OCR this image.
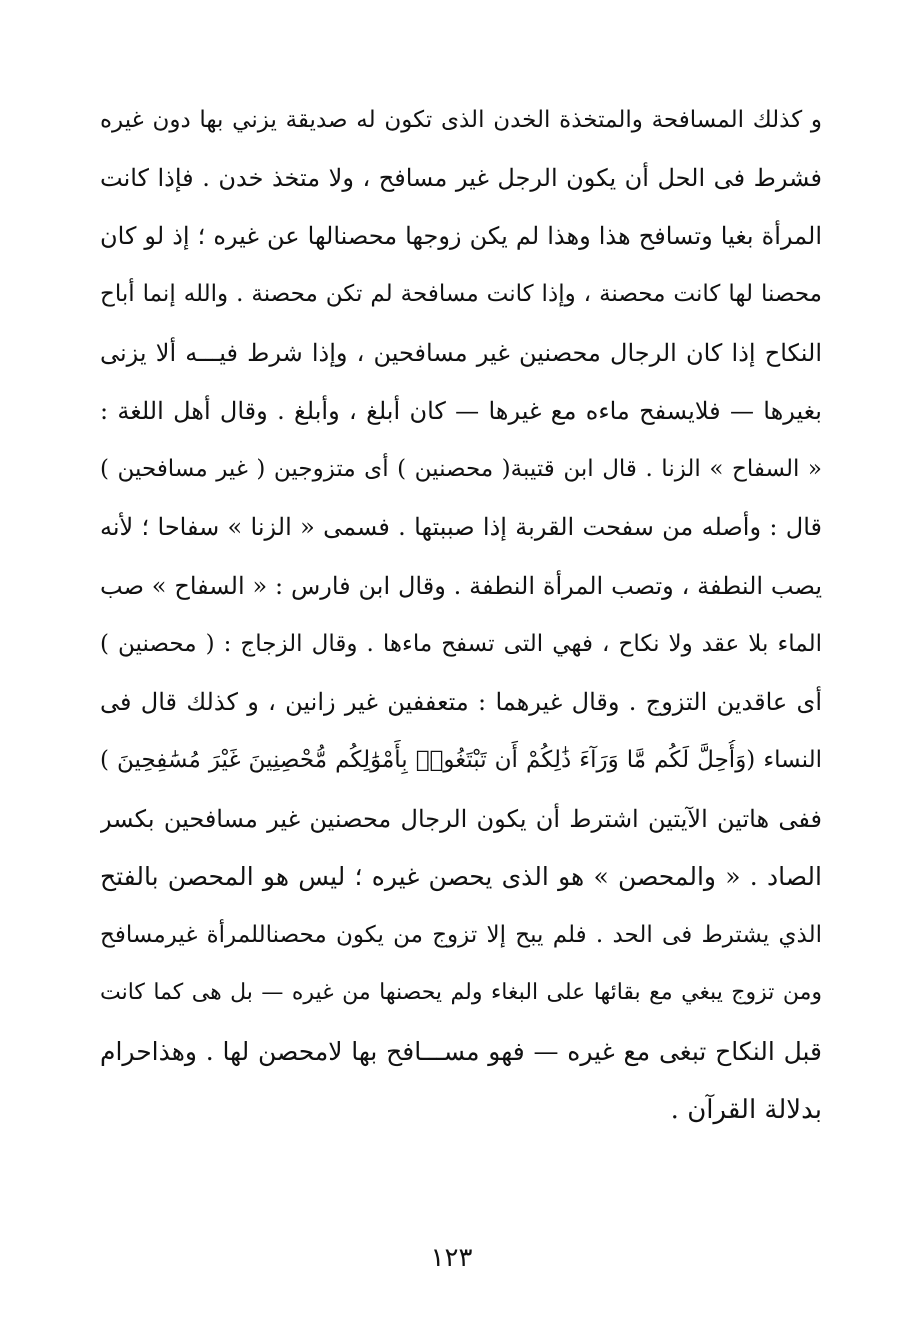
و كذلك المسافحة والمتخذة الخدن الذى تكون له صديقة يزني بها دون غيره
فشرط فى الحل أن يكون الرجل غير مسافح ، ولا متخذ خدن . فإذا كانت
المرأة بغيا وتسافح هذا وهذا لم يكن زوجها محصنالها عن غيره ؛ إذ لو كان
محصنا لها كانت محصنة ، وإذا كانت مسافحة لم تكن محصنة . والله إنما أباح
النكاح إذا كان الرجال محصنين غير مسافحين ، وإذا شرط فيـــه ألا يزنى
بغيرها — فلايسفح ماءه مع غيرها — كان أبلغ ، وأبلغ . وقال أهل اللغة :
« السفاح » الزنا . قال ابن قتيبة( محصنين ) أى متزوجين ( غير مسافحين )
قال : وأصله من سفحت القربة إذا صببتها . فسمى « الزنا » سفاحا ؛ لأنه
يصب النطفة ، وتصب المرأة النطفة . وقال ابن فارس : « السفاح » صب
الماء بلا عقد ولا نكاح ، فهي التى تسفح ماءها . وقال الزجاج : ( محصنين )
أى عاقدين التزوج . وقال غيرهما : متعففين غير زانين ، و كذلك قال فى
النساء (وَأُحِلَّ لَكُم مَّا وَرَآءَ ذَٰلِكُمْ أَن تَبْتَغُوا۟ بِأَمْوَٰلِكُم مُّحْصِنِينَ غَيْرَ مُسَٰفِحِينَ )
ففى هاتين الآيتين اشترط أن يكون الرجال محصنين غير مسافحين بكسر
الصاد . « والمحصن » هو الذى يحصن غيره ؛ ليس هو المحصن بالفتح
الذي يشترط فى الحد . فلم يبح إلا تزوج من يكون محصناللمرأة غيرمسافح
ومن تزوج يبغي مع بقائها على البغاء ولم يحصنها من غيره — بل هى كما كانت
قبل النكاح تبغى مع غيره — فهو مســـافح بها لامحصن لها . وهذاحرام
بدلالة القرآن .
١٢٣
